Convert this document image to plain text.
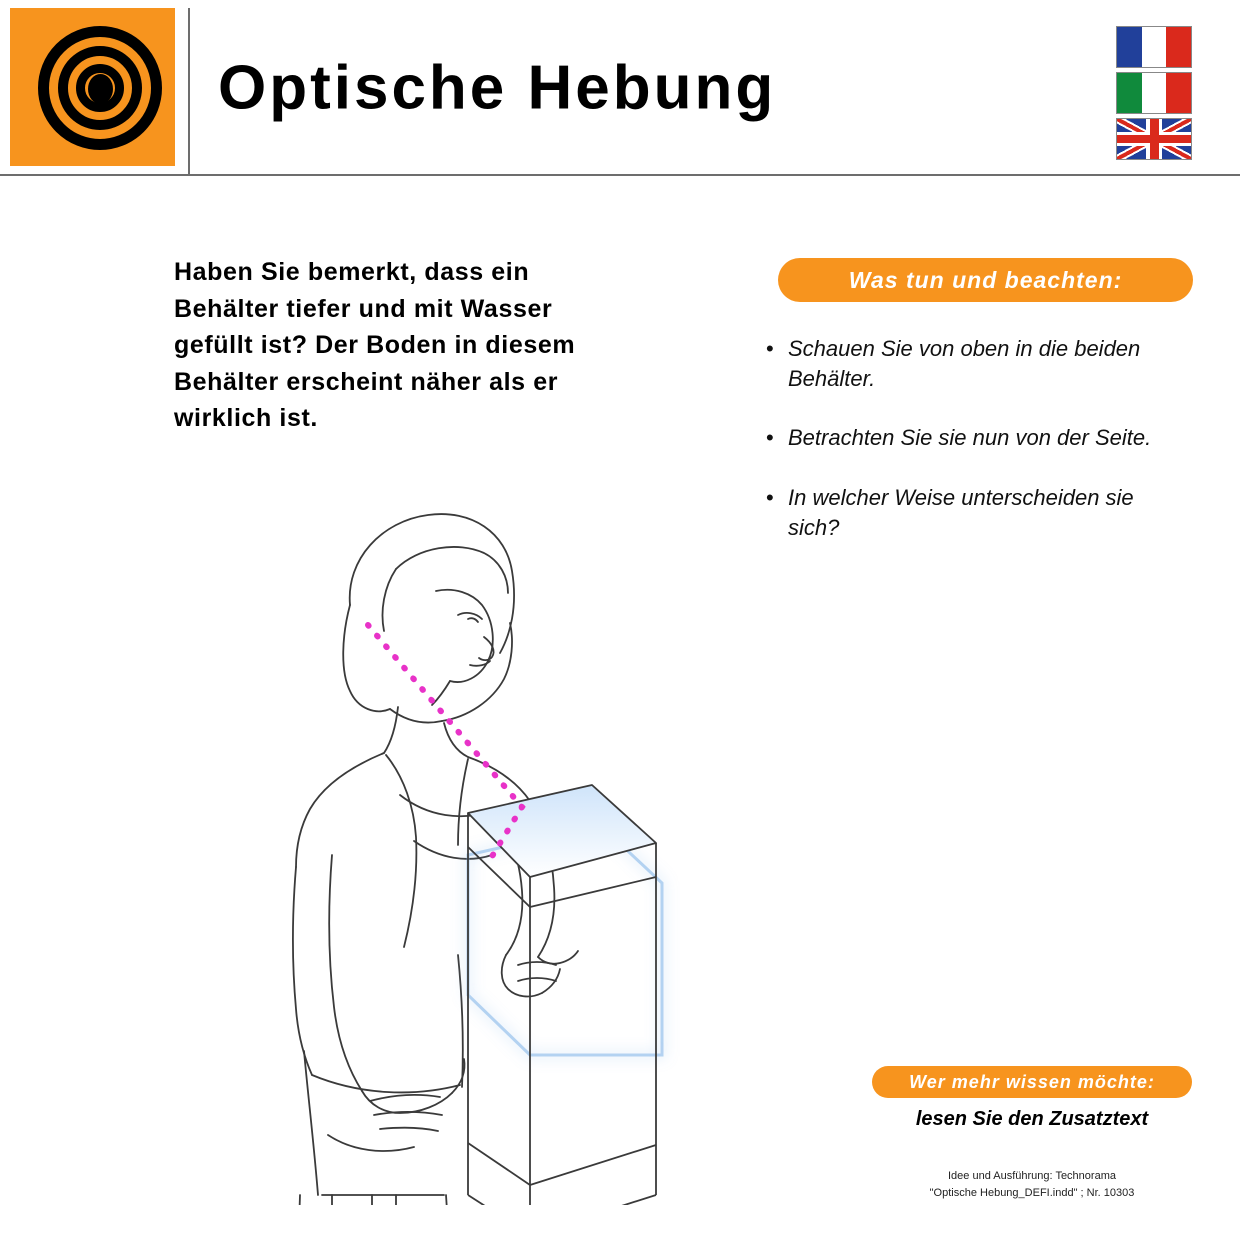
Optische Hebung
Haben Sie bemerkt, dass ein Behälter tiefer und mit Wasser gefüllt ist? Der Boden in diesem Behälter erscheint näher als er wirklich ist.
Was tun und beachten:
• Schauen Sie von oben in die beiden Behälter.
• Betrachten Sie sie nun von der Seite.
• In welcher Weise unterscheiden sie sich?
Wer mehr wissen möchte:
lesen Sie den Zusatztext
Idee und Ausführung: Technorama
"Optische Hebung_DEFI.indd" ; Nr. 10303
